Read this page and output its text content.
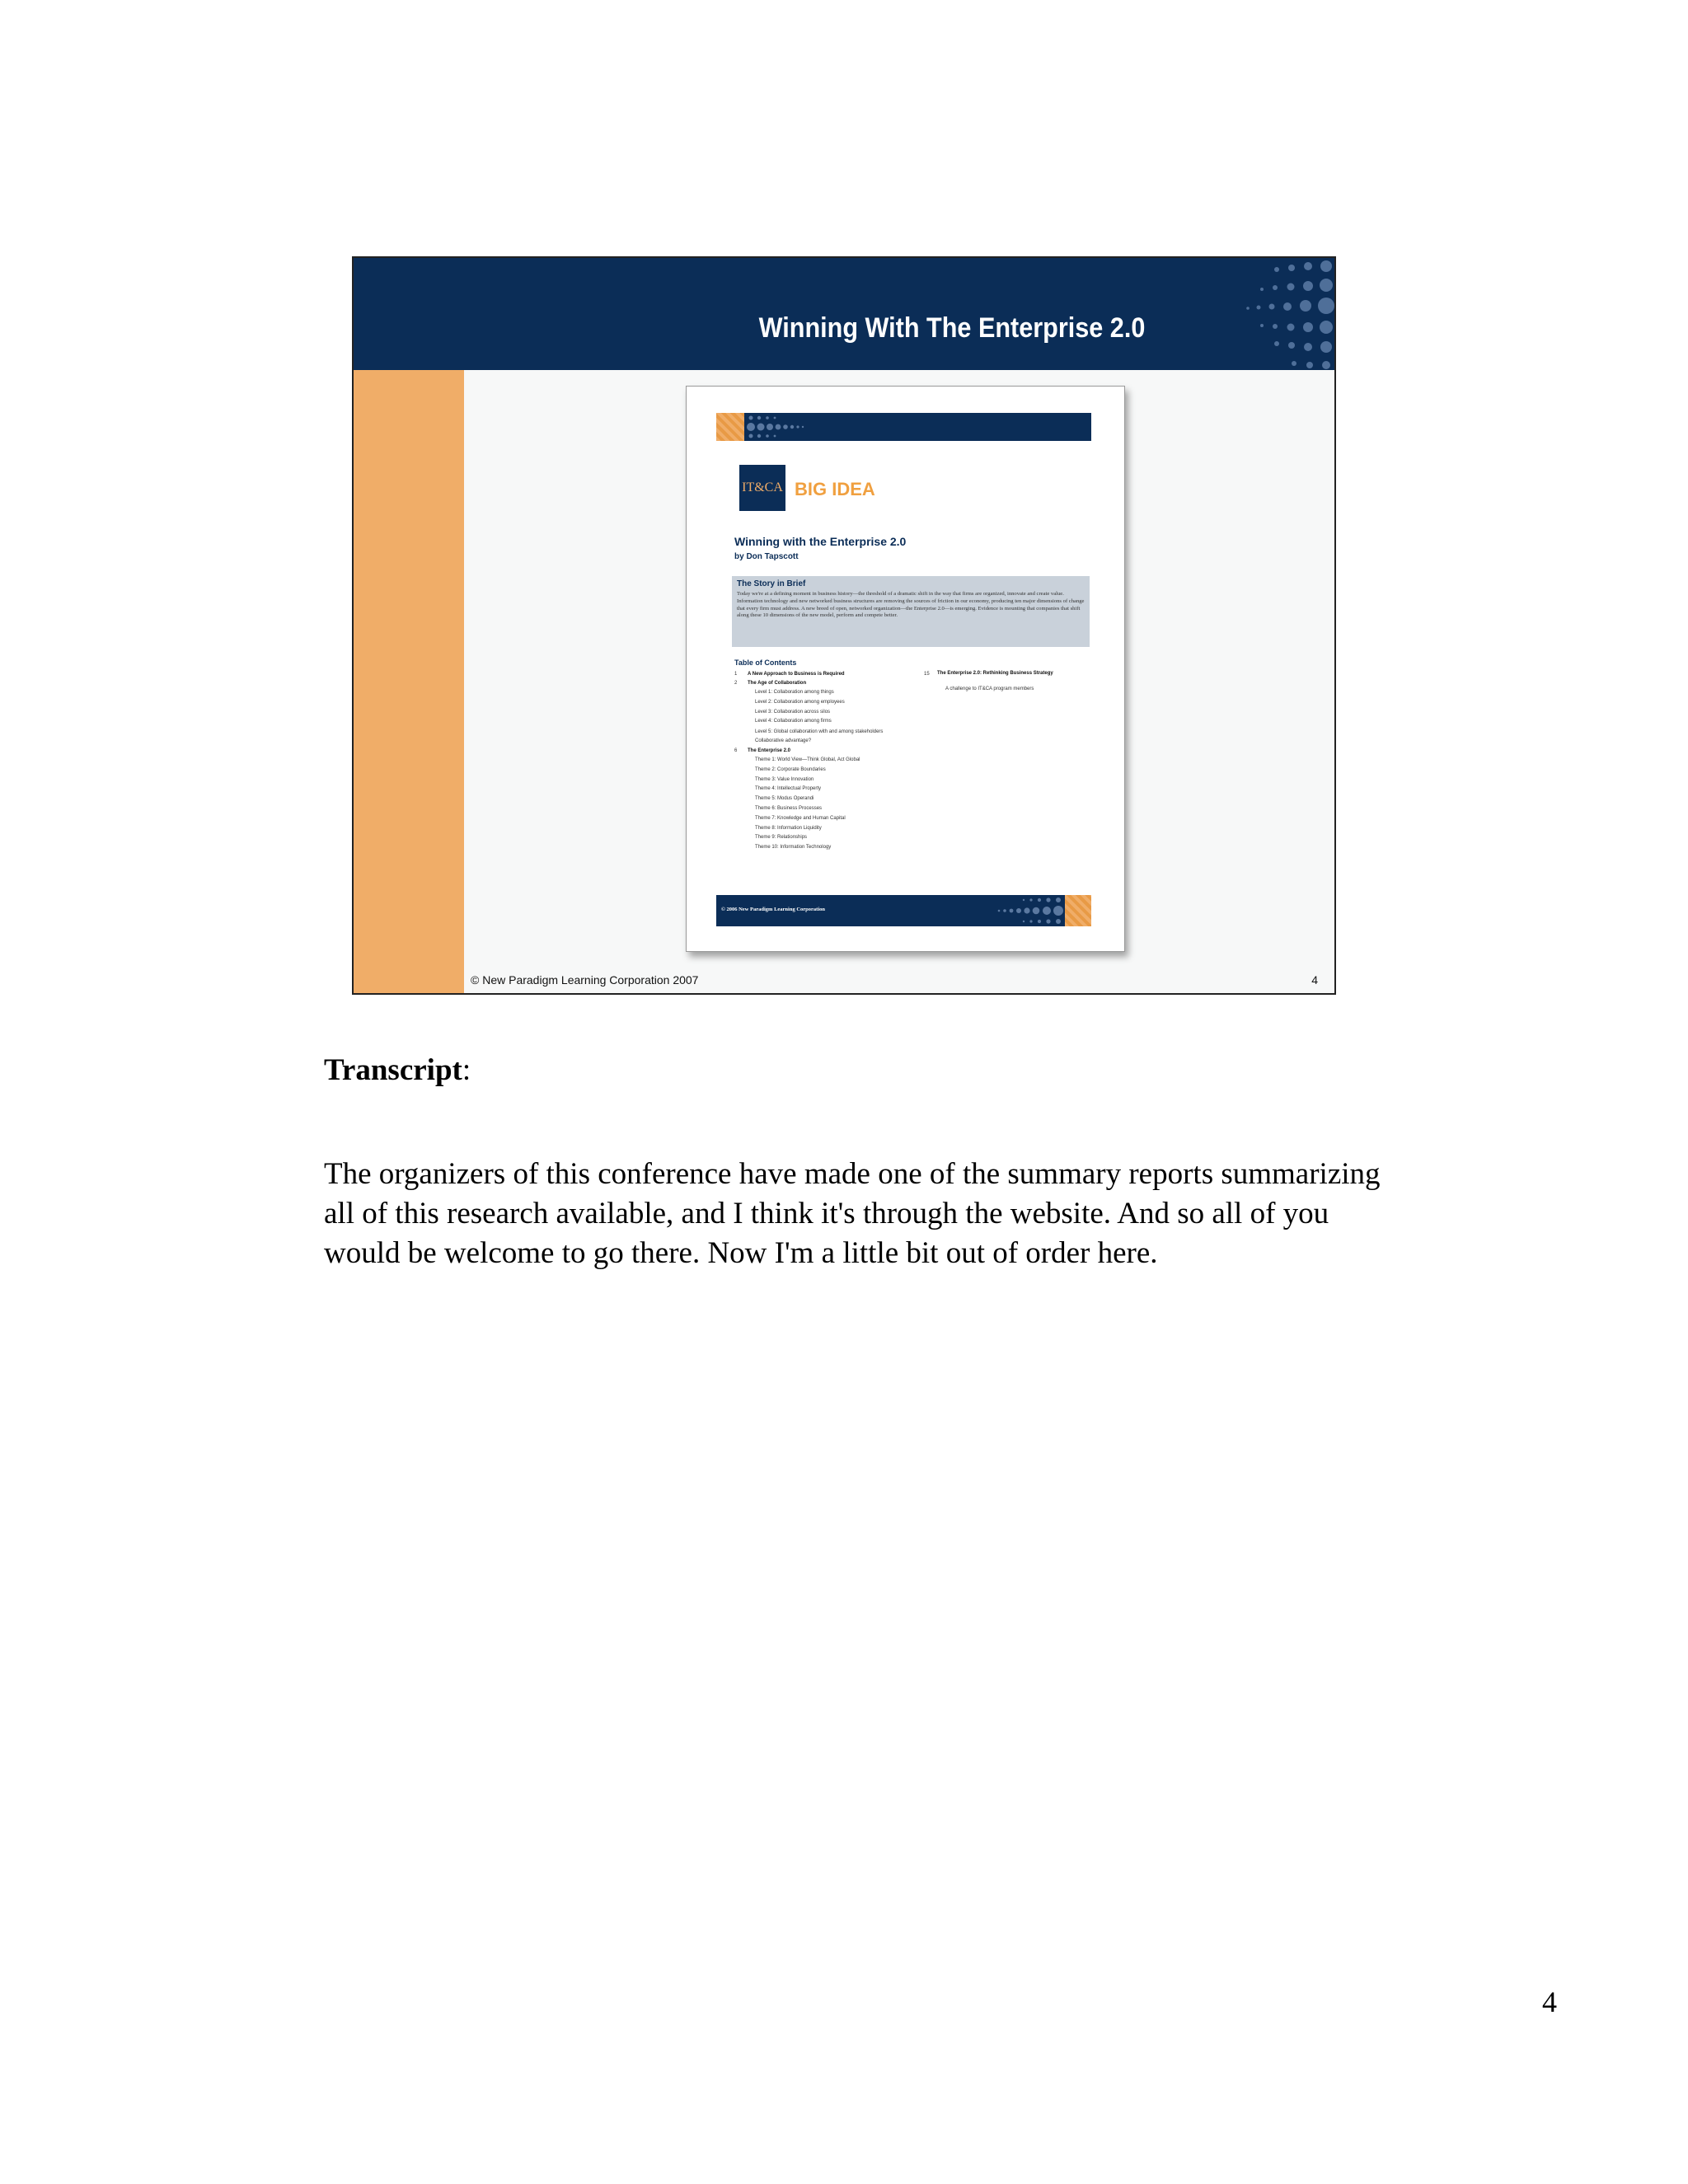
Winning With The Enterprise 2.0
IT&CA BIG IDEA
Winning with the Enterprise 2.0
by Don Tapscott
The Story in Brief
Today we're at a defining moment in business history—the threshold of a dramatic shift in the way that firms are organized, innovate and create value. Information technology and new networked business structures are removing the sources of friction in our economy, producing ten major dimensions of change that every firm must address. A new breed of open, networked organization—the Enterprise 2.0—is emerging. Evidence is mounting that companies that shift along these 10 dimensions of the new model, perform and compete better.
Table of Contents
1	A New Approach to Business is Required
2	The Age of Collaboration
Level 1: Collaboration among things
Level 2: Collaboration among employees
Level 3: Collaboration across silos
Level 4: Collaboration among firms
Level 5: Global collaboration with and among stakeholders
Collaborative advantage?
6	The Enterprise 2.0
Theme 1: World View—Think Global, Act Global
Theme 2: Corporate Boundaries
Theme 3: Value Innovation
Theme 4: Intellectual Property
Theme 5: Modus Operandi
Theme 6: Business Processes
Theme 7: Knowledge and Human Capital
Theme 8: Information Liquidity
Theme 9: Relationships
Theme 10: Information Technology
15	The Enterprise 2.0: Rethinking Business Strategy
A challenge to IT&CA program members
© 2006 New Paradigm Learning Corporation
© New Paradigm Learning Corporation 2007	4
Transcript:
The organizers of this conference have made one of the summary reports summarizing all of this research available, and I think it's through the website. And so all of you would be welcome to go there. Now I'm a little bit out of order here.
4
